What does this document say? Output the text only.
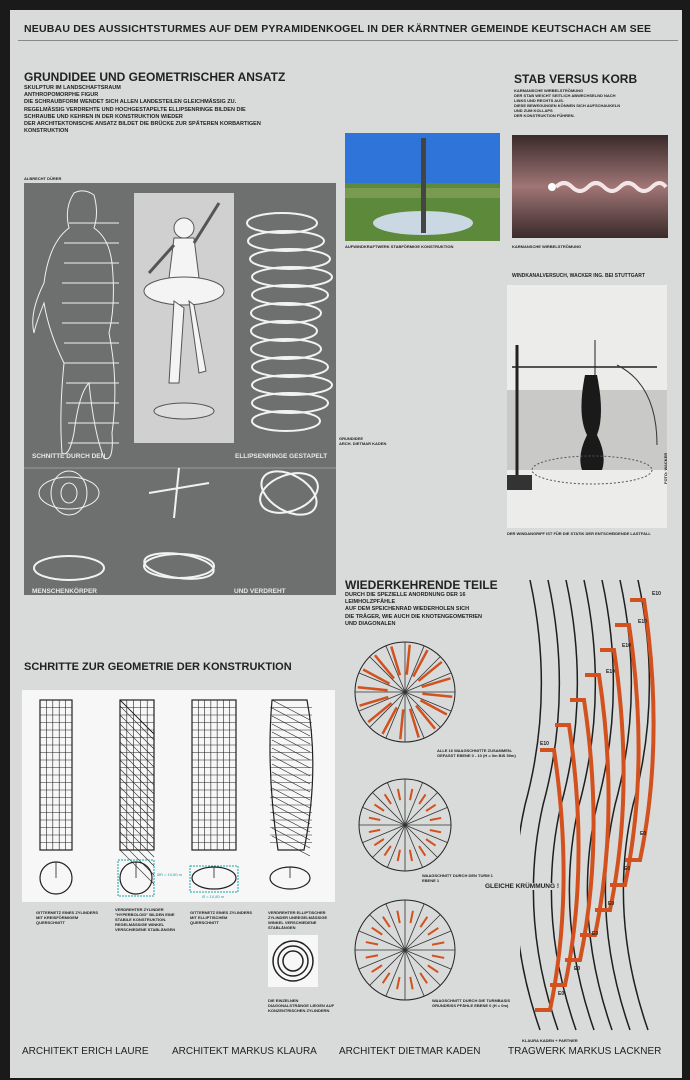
NEUBAU DES AUSSICHTSTURMES AUF DEM PYRAMIDENKOGEL IN DER KÄRNTNER GEMEINDE KEUTSCHACH AM SEE
GRUNDIDEE UND GEOMETRISCHER ANSATZ
SKULPTUR IM LANDSCHAFTSRAUM
ANTHROPOMORPHE FIGUR
DIE SCHRAUBFORM WENDET SICH ALLEN LANDESTEILEN GLEICHMÄSSIG ZU.
REGELMÄSSIG VERDREHTE UND HOCHGESTAPELTE ELLIPSENRINGE BILDEN DIE
SCHRAUBE UND KEHREN IN DER KONSTRUKTION WIEDER
DER ARCHITEKTONISCHE ANSATZ BILDET DIE BRÜCKE ZUR SPÄTEREN KORBARTIGEN
KONSTRUKTION
ALBRECHT DÜRER
SCHNITTE DURCH DEN	ELLIPSENRINGE GESTAPELT
MENSCHENKÖRPER	UND VERDREHT
GRUNDIDEE
ARCH. DIETMAR KADEN
STAB VERSUS KORB
KARMANSCHE WIRBELSTRÖMUNG
DER STAB WEICHT SEITLICH ABWECHSELND NACH
LINKS UND RECHTS AUS.
DIESE BEWEGUNGEN KÖNNEN SICH AUFSCHAUKELN
UND ZUM KOLLAPS
DER KONSTRUKTION FÜHREN.
AUFWINDKRAFTWERK STABFÖRMIGE KONSTRUKTION	KARMANSCHE WIRBELSTRÖMUNG
WINDKANALVERSUCH, WACKER ING. BEI STUTTGART
DER WINDANGRIFF IST FÜR DIE STATIK DER ENTSCHEIDENDE LASTFALL
WIEDERKEHRENDE TEILE
DURCH DIE SPEZIELLE ANORDNUNG DER 16 LEIMHOLZPFÄHLE
AUF DEM SPEICHENRAD WIEDERHOLEN SICH
DIE TRÄGER, WIE AUCH DIE KNOTENGEOMETRIEN
UND DIAGONALEN
ALLE 16 WAAGSCHNITTE ZUSAMMEN-GEFASST EBENE 0 - 10 (H = 0m BIS 50m)
WAAGSCHNITT DURCH DEN TURM 1 EBENE 1
WAAGSCHNITT DURCH DIE TURMBASIS GRUNDRISS PFÄHLE EBENE 0 (H = 0m)
E10
E10
E10
E10
E10
E0
E0
E0
E0
E0
E0
GLEICHE KRÜMMUNG !
KLAURA KADEN + PARTNER
SCHRITTE ZUR GEOMETRIE DER KONSTRUKTION
ØR = 10,80 m
Ø = 10,80 m
GITTERNETZ EINES ZYLINDERS MIT KREISFÖRMIGEM QUERSCHNITT
VERDREHTER ZYLINDER "HYPERBOLOID" BILDEN EINE STABILE KONSTRUKTION. REGELMÄSSIGE WINKEL VERSCHIEDENE STABLÄNGEN
GITTERNETZ EINES ZYLINDERS MIT ELLIPTISCHEM QUERSCHNITT
VERDREHTER ELLIPTISCHER ZYLINDER UNREGELMÄSSIGE WINKEL VERSCHIEDENE STABLÄNGEN
DIE EINZELNEN DIAGONALSTRÄNGE LIEGEN AUF KONZENTRISCHEN ZYLINDERN
ARCHITEKT ERICH LAURE ARCHITEKT MARKUS KLAURA ARCHITEKT DIETMAR KADEN	TRAGWERK MARKUS LACKNER
